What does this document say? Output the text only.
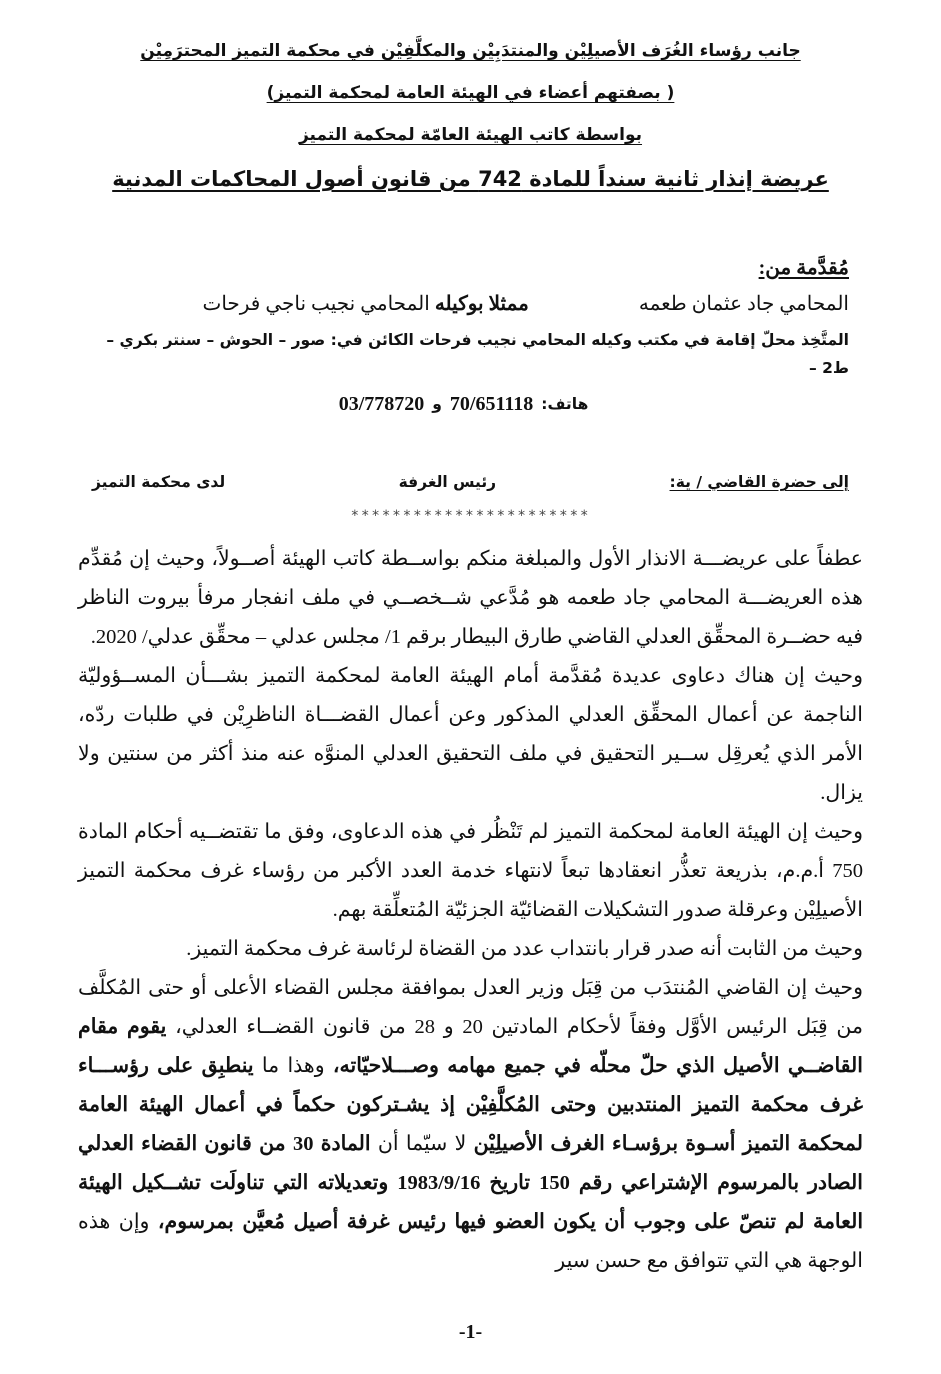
جانب رؤساء الغُرَف الأصيلِيْن والمنتدَبِيْن والمكلَّفِيْن في محكمة التميز المحترَمِيْن
( بصفتهم أعضاء في الهيئة العامة لمحكمة التميز)
بواسطة كاتب الهيئة العامّة لمحكمة التميز
عريضة إنذار ثانية سنداً للمادة 742 من قانون أصول المحاكمات المدنية
مُقدَّمة من:
المحامي جاد عثمان طعمه
ممثلا بوكيله المحامي نجيب ناجي فرحات
المتَّخِذ محلّ إقامة في مكتب وكيله المحامي نجيب فرحات الكائن في: صور – الحوش – سنتر بكري – ط2 –
هاتف:
70/651118
و
03/778720
إلى حضرة القاضي / ية:
رئيس الغرفة
لدى محكمة التميز
***********************

عطفاً على عريضـــة الانذار الأول والمبلغة منكم بواســطة كاتب الهيئة أصــولاً، وحيث إن مُقدِّم هذه العريضـــة المحامي جاد طعمه هو مُدَّعي شــخصــي في ملف انفجار مرفأ بيروت الناظر فيه حضــرة المحقِّق العدلي القاضي طارق البيطار برقم 1/ مجلس عدلي – محقِّق عدلي/ 2020.

وحيث إن هناك دعاوى عديدة مُقدَّمة أمام الهيئة العامة لمحكمة التميز بشـــأن المســؤوليّة الناجمة عن أعمال المحقِّق العدلي المذكور وعن أعمال القضـــاة الناظرِيْن في طلبات ردّه، الأمر الذي يُعرقِل ســير التحقيق في ملف التحقيق العدلي المنوَّه عنه منذ أكثر من سنتين ولا يزال.

وحيث إن الهيئة العامة لمحكمة التميز لم تَنْظُر في هذه الدعاوى، وفق ما تقتضــيه أحكام المادة 750 أ.م.م، بذريعة تعذُّر انعقادها تبعاً لانتهاء خدمة العدد الأكبر من رؤساء غرف محكمة التميز الأصيلِيْن وعرقلة صدور التشكيلات القضائيّة الجزئيّة المُتعلِّقة بهم.

وحيث من الثابت أنه صدر قرار بانتداب عدد من القضاة لرئاسة غرف محكمة التميز.

وحيث إن القاضي المُنتدَب من قِبَل وزير العدل بموافقة مجلس القضاء الأعلى أو حتى المُكلَّف من قِبَل الرئيس الأوَّل وفقاً لأحكام المادتين 20 و 28 من قانون القضــاء العدلي، يقوم مقام القاضــي الأصيل الذي حلّ محلّه في جميع مهامه وصـــلاحيّاته، وهذا ما ينطبِق على رؤســـاء غرف محكمة التميز المنتدبين وحتى المُكلَّفِيْن إذ يشـتركون حكماً في أعمال الهيئة العامة لمحكمة التميز أسـوة برؤسـاء الغرف الأصيلِيْن لا سيّما أن المادة 30 من قانون القضاء العدلي الصادر بالمرسوم الإشتراعي رقم 150 تاريخ 1983/9/16 وتعديلاته التي تناولَت تشــكيل الهيئة العامة لم تنصّ على وجوب أن يكون العضو فيها رئيس غرفة أصيل مُعيَّن بمرسوم، وإن هذه الوجهة هي التي تتوافق مع حسن سير

-1-
